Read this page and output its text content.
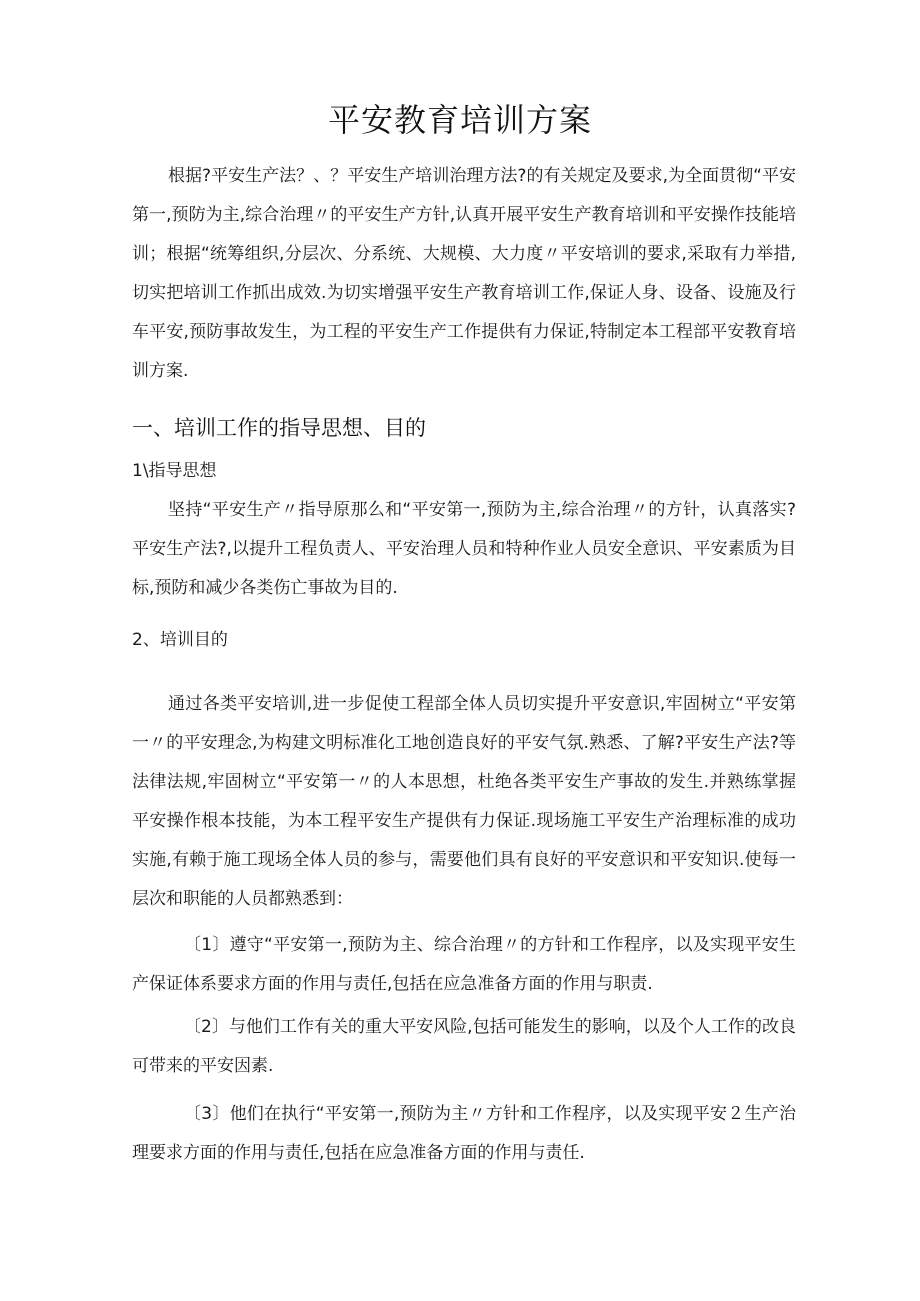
平安教育培训方案

根据?平安生产法？、？平安生产培训治理方法?的有关规定及要求,为全面贯彻“平安第一,预防为主,综合治理〃的平安生产方针,认真开展平安生产教育培训和平安操作技能培训；根据“统筹组织,分层次、分系统、大规模、大力度〃平安培训的要求,采取有力举措,切实把培训工作抓出成效.为切实增强平安生产教育培训工作,保证人身、设备、设施及行车平安,预防事故发生，为工程的平安生产工作提供有力保证,特制定本工程部平安教育培训方案.

一、培训工作的指导思想、目的
1\指导思想

坚持“平安生产〃指导原那么和“平安第一,预防为主,综合治理〃的方针，认真落实?平安生产法?,以提升工程负责人、平安治理人员和特种作业人员安全意识、平安素质为目标,预防和减少各类伤亡事故为目的.

2、培训目的

通过各类平安培训,进一步促使工程部全体人员切实提升平安意识,牢固树立“平安第一〃的平安理念,为构建文明标准化工地创造良好的平安气氛.熟悉、了解?平安生产法?等法律法规,牢固树立“平安第一〃的人本思想，杜绝各类平安生产事故的发生.并熟练掌握平安操作根本技能，为本工程平安生产提供有力保证.现场施工平安生产治理标准的成功实施,有赖于施工现场全体人员的参与，需要他们具有良好的平安意识和平安知识.使每一层次和职能的人员都熟悉到：

〔1〕遵守“平安第一,预防为主、综合治理〃的方针和工作程序，以及实现平安生产保证体系要求方面的作用与责任,包括在应急准备方面的作用与职责.

〔2〕与他们工作有关的重大平安风险,包括可能发生的影响，以及个人工作的改良可带来的平安因素.

〔3〕他们在执行“平安第一,预防为主〃方针和工作程序，以及实现平安２生产治理要求方面的作用与责任,包括在应急准备方面的作用与责任.
